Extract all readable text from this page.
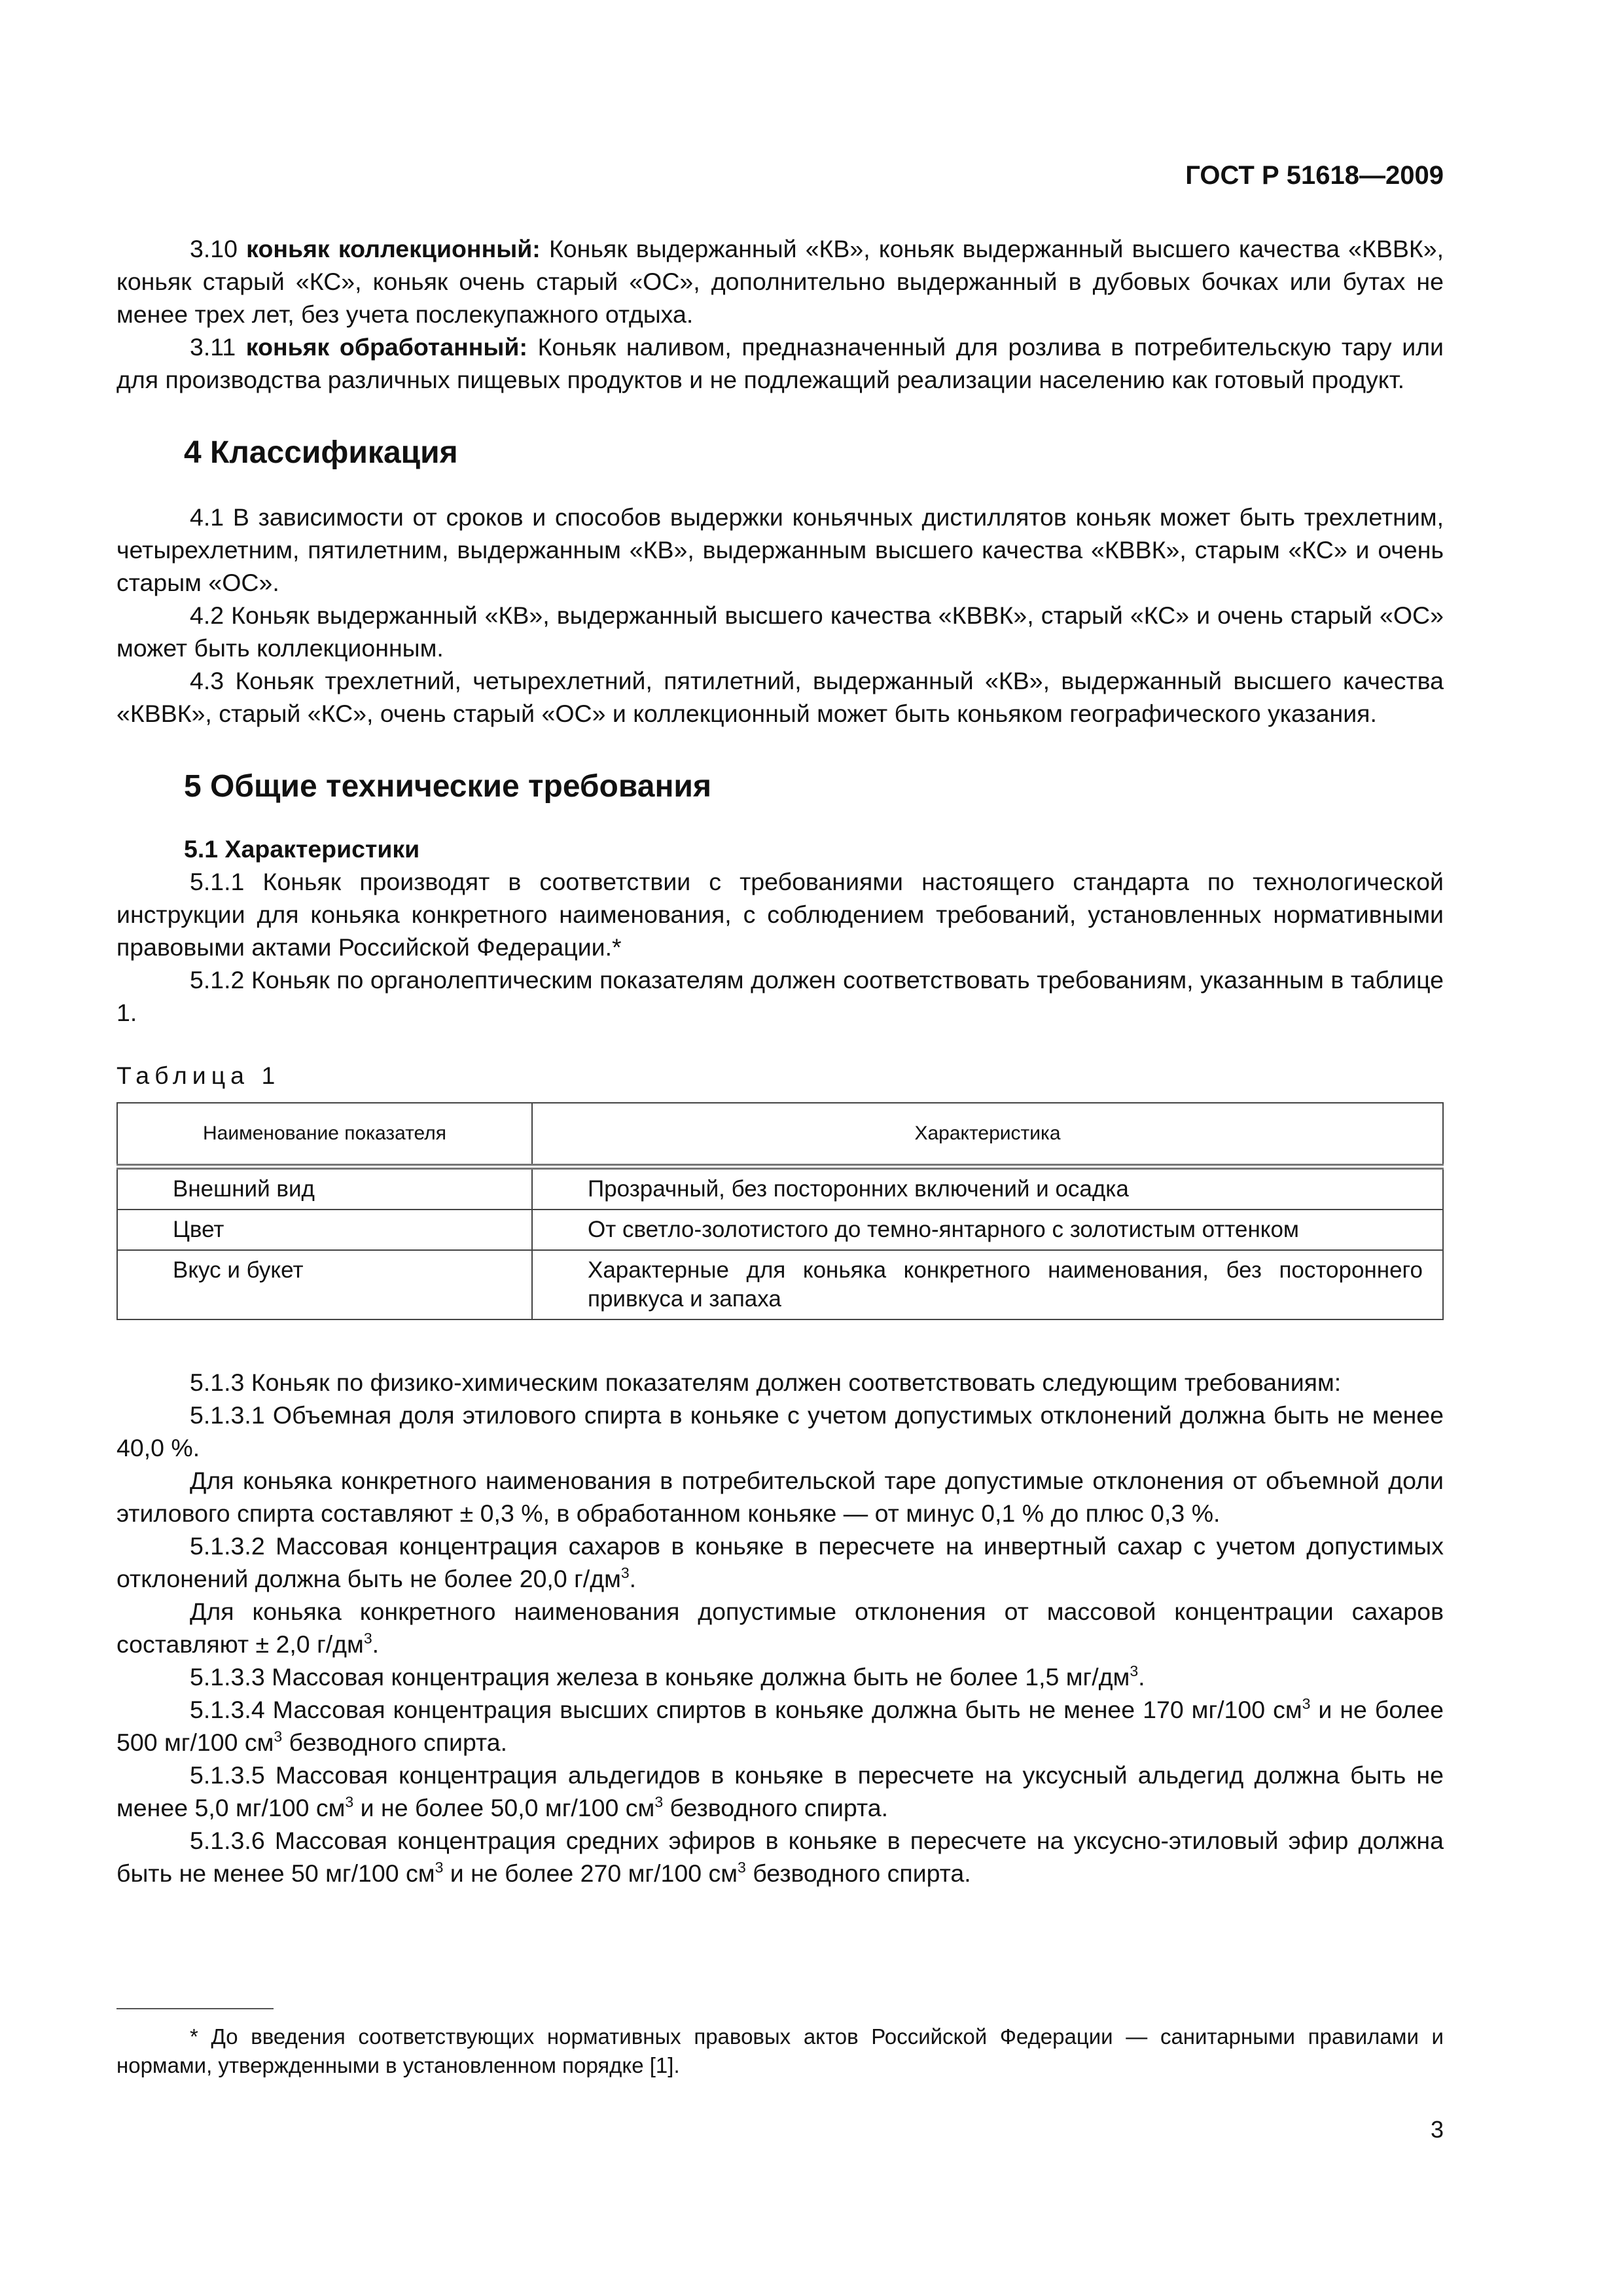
ГОСТ Р 51618—2009

3.10 коньяк коллекционный: Коньяк выдержанный «КВ», коньяк выдержанный высшего качества «КВВК», коньяк старый «КС», коньяк очень старый «ОС», дополнительно выдержанный в дубовых бочках или бутах не менее трех лет, без учета послекупажного отдыха.

3.11 коньяк обработанный: Коньяк наливом, предназначенный для розлива в потребительскую тару или для производства различных пищевых продуктов и не подлежащий реализации населению как готовый продукт.

4 Классификация

4.1 В зависимости от сроков и способов выдержки коньячных дистиллятов коньяк может быть трехлетним, четырехлетним, пятилетним, выдержанным «КВ», выдержанным высшего качества «КВВК», старым «КС» и очень старым «ОС».

4.2 Коньяк выдержанный «КВ», выдержанный высшего качества «КВВК», старый «КС» и очень старый «ОС» может быть коллекционным.

4.3 Коньяк трехлетний, четырехлетний, пятилетний, выдержанный «КВ», выдержанный высшего качества «КВВК», старый «КС», очень старый «ОС» и коллекционный может быть коньяком географического указания.

5 Общие технические требования

5.1 Характеристики

5.1.1 Коньяк производят в соответствии с требованиями настоящего стандарта по технологической инструкции для коньяка конкретного наименования, с соблюдением требований, установленных нормативными правовыми актами Российской Федерации.*

5.1.2 Коньяк по органолептическим показателям должен соответствовать требованиям, указанным в таблице 1.

Таблица 1

Наименование показателя	Характеристика
Внешний вид	Прозрачный, без посторонних включений и осадка
Цвет	От светло-золотистого до темно-янтарного с золотистым оттенком
Вкус и букет	Характерные для коньяка конкретного наименования, без постороннего привкуса и запаха

5.1.3 Коньяк по физико-химическим показателям должен соответствовать следующим требованиям:

5.1.3.1 Объемная доля этилового спирта в коньяке с учетом допустимых отклонений должна быть не менее 40,0 %.

Для коньяка конкретного наименования в потребительской таре допустимые отклонения от объемной доли этилового спирта составляют ± 0,3 %, в обработанном коньяке — от минус 0,1 % до плюс 0,3 %.

5.1.3.2 Массовая концентрация сахаров в коньяке в пересчете на инвертный сахар с учетом допустимых отклонений должна быть не более 20,0 $г/дм^3$.

Для коньяка конкретного наименования допустимые отклонения от массовой концентрации сахаров составляют ± 2,0 $г/дм^3$.

5.1.3.3 Массовая концентрация железа в коньяке должна быть не более 1,5 $мг/дм^3$.

5.1.3.4 Массовая концентрация высших спиртов в коньяке должна быть не менее 170 мг/100 $см^3$ и не более 500 мг/100 $см^3$ безводного спирта.

5.1.3.5 Массовая концентрация альдегидов в коньяке в пересчете на уксусный альдегид должна быть не менее 5,0 мг/100 $см^3$ и не более 50,0 мг/100 $см^3$ безводного спирта.

5.1.3.6 Массовая концентрация средних эфиров в коньяке в пересчете на уксусно-этиловый эфир должна быть не менее 50 мг/100 $см^3$ и не более 270 мг/100 $см^3$ безводного спирта.

* До введения соответствующих нормативных правовых актов Российской Федерации — санитарными правилами и нормами, утвержденными в установленном порядке [1].

3
